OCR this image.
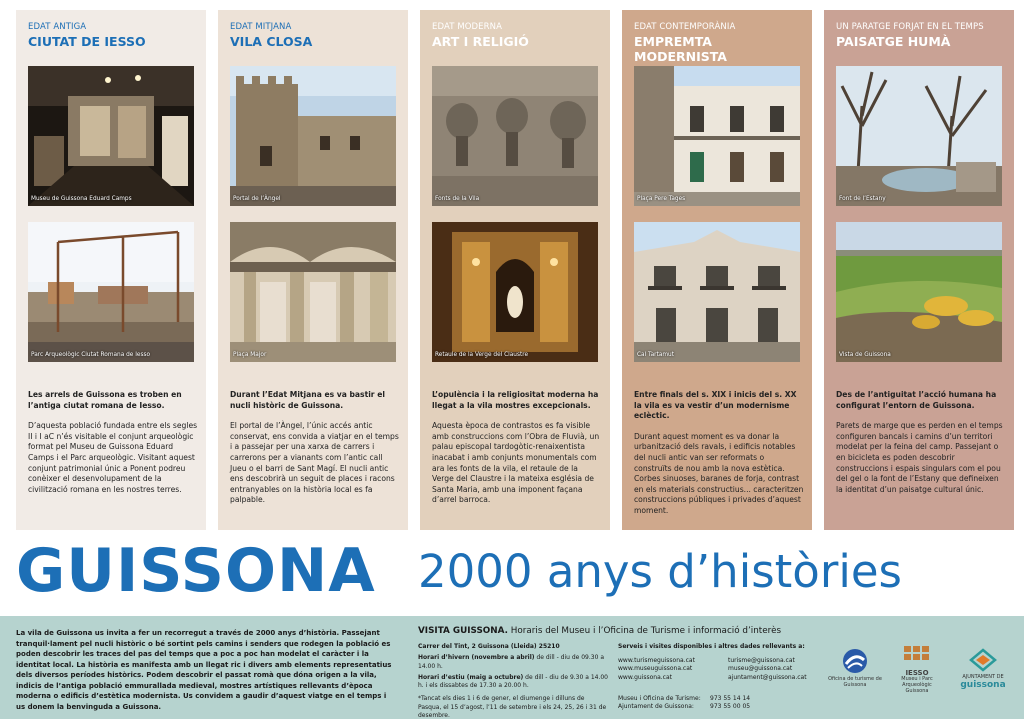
EDAT ANTIGA
CIUTAT DE IESSO
Museu de Guissona Eduard Camps
Parc Arqueològic Ciutat Romana de Iesso
Les arrels de Guissona es troben en l’antiga ciutat romana de Iesso.
D’aquesta població fundada entre els segles II i I aC n’és visitable el conjunt arqueològic format pel Museu de Guissona Eduard Camps i el Parc arqueològic. Visitant aquest conjunt patrimonial únic a Ponent podreu conèixer el desenvolupament de la civilització romana en les nostres terres.
EDAT MITJANA
VILA CLOSA
Portal de l’Àngel
Plaça Major
Durant l’Edat Mitjana es va bastir el nucli històric de Guissona.
El portal de l’Àngel, l’únic accés antic conservat, ens convida a viatjar en el temps i a passejar per una xarxa de carrers i carrerons per a vianants com l’antic call Jueu o el barri de Sant Magí. El nucli antic ens descobrirà un seguit de places i racons entranyables on la història local es fa palpable.
EDAT MODERNA
ART I RELIGIÓ
Fonts de la Vila
Retaule de la Verge del Claustre
L’opulència i la religiositat moderna ha llegat a la vila mostres excepcionals.
Aquesta època de contrastos es fa visible amb construccions com l’Obra de Fluvià, un palau episcopal tardogòtic-renaixentista inacabat i amb conjunts monumentals com ara les fonts de la vila, el retaule de la Verge del Claustre i la mateixa església de Santa Maria, amb una imponent façana d’arrel barroca.
EDAT CONTEMPORÀNIA
EMPREMTA MODERNISTA
Plaça Pere Tages
Cal Tartamut
Entre finals del s. XIX i inicis del s. XX la vila es va vestir d’un modernisme eclèctic.
Durant aquest moment es va donar la urbanització dels ravals, i edificis notables del nucli antic van ser reformats o construïts de nou amb la nova estètica. Corbes sinuoses, baranes de forja, contrast en els materials constructius... caracteritzen construccions públiques i privades d’aquest moment.
UN PARATGE FORJAT EN EL TEMPS
PAISATGE HUMÀ
Font de l’Estany
Vista de Guissona
Des de l’antiguitat l’acció humana ha configurat l’entorn de Guissona.
Parets de marge que es perden en el temps configuren bancals i camins d’un territori modelat per la feina del camp. Passejant o en bicicleta es poden descobrir construccions i espais singulars com el pou del gel o la font de l’Estany que defineixen la identitat d’un paisatge cultural únic.
GUISSONA 2000 anys d’històries
La vila de Guissona us invita a fer un recorregut a través de 2000 anys d’història. Passejant tranquil·lament pel nucli històric o bé sortint pels camins i senders que rodegen la població es poden descobrir les traces del pas del temps que a poc a poc han modelat el caràcter i la identitat local. La història es manifesta amb un llegat ric i divers amb elements representatius dels diversos períodes històrics. Podem descobrir el passat romà que dóna origen a la vila, indicis de l’antiga població emmurallada medieval, mostres artístiques rellevants d’època moderna o edificis d’estètica modernista. Us convidem a gaudir d’aquest viatge en el temps i us donem la benvinguda a Guissona.
VISITA GUISSONA. Horaris del Museu i l’Oficina de Turisme i informació d’interès
Carrer del Tint, 2 Guissona (Lleida) 25210
Horari d’hivern (novembre a abril) de dill - diu de 09.30 a 14.00 h.
Horari d’estiu (maig a octubre) de dill - diu de 9.30 a 14.00 h. i els dissabtes de 17.30 a 20.00 h.
*Tancat els dies 1 i 6 de gener, el diumenge i dilluns de Pasqua, el 15 d’agost, l’11 de setembre i els 24, 25, 26 i 31 de desembre.
Serveis i visites disponibles i altres dades rellevants a:
www.turismeguissona.cat
www.museuguissona.cat
www.guissona.cat
turisme@guissona.cat
museu@guissona.cat
ajuntament@guissona.cat
Museu i Oficina de Turisme: 973 55 14 14
Ajuntament de Guissona:	973 55 00 05
Oficina de turisme de Guissona
IESSO
Museu i Parc Arqueològic Guissona
AJUNTAMENT DE
guissona
